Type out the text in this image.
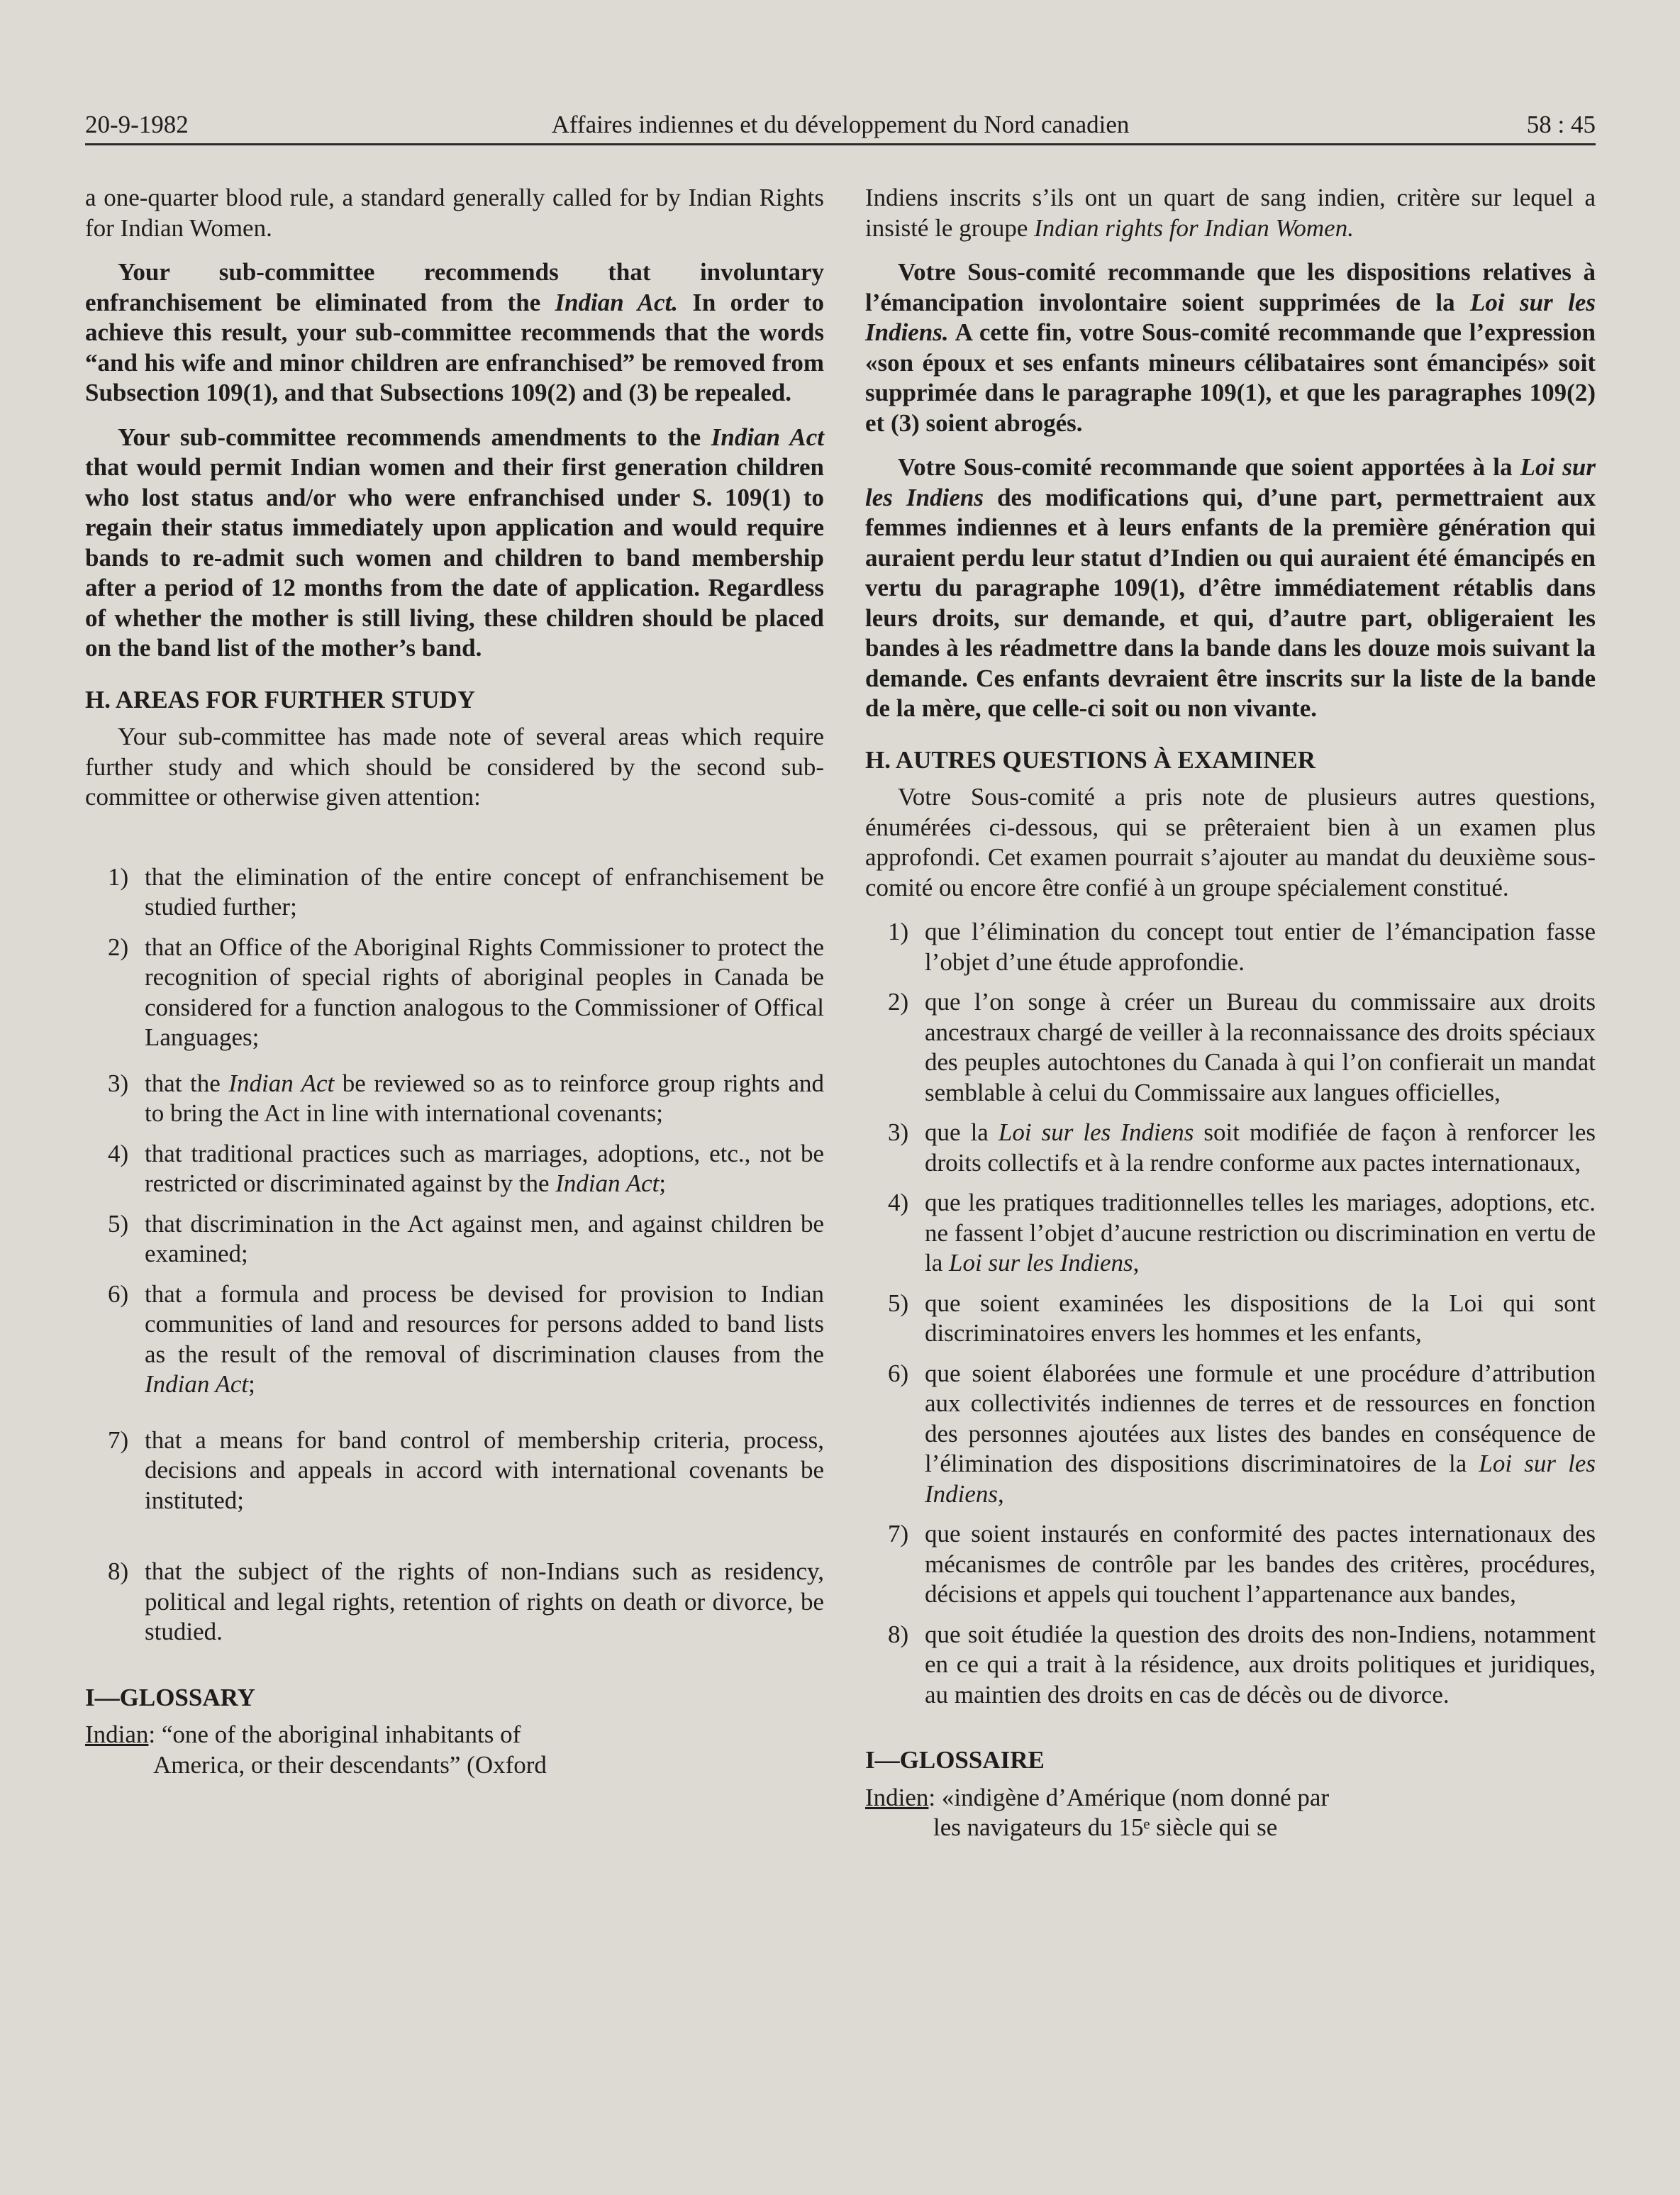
20-9-1982	Affaires indiennes et du développement du Nord canadien	58 : 45

a one-quarter blood rule, a standard generally called for by Indian Rights for Indian Women.

Your sub-committee recommends that involuntary enfranchisement be eliminated from the Indian Act. In order to achieve this result, your sub-committee recommends that the words “and his wife and minor children are enfranchised” be removed from Subsection 109(1), and that Subsections 109(2) and (3) be repealed.

Your sub-committee recommends amendments to the Indian Act that would permit Indian women and their first generation children who lost status and/or who were enfranchised under S. 109(1) to regain their status immediately upon application and would require bands to re-admit such women and children to band membership after a period of 12 months from the date of application. Regardless of whether the mother is still living, these children should be placed on the band list of the mother’s band.

H. AREAS FOR FURTHER STUDY

Your sub-committee has made note of several areas which require further study and which should be considered by the second sub-committee or otherwise given attention:

1) that the elimination of the entire concept of enfranchisement be studied further;
2) that an Office of the Aboriginal Rights Commissioner to protect the recognition of special rights of aboriginal peoples in Canada be considered for a function analogous to the Commissioner of Offical Languages;
3) that the Indian Act be reviewed so as to reinforce group rights and to bring the Act in line with international covenants;
4) that traditional practices such as marriages, adoptions, etc., not be restricted or discriminated against by the Indian Act;
5) that discrimination in the Act against men, and against children be examined;
6) that a formula and process be devised for provision to Indian communities of land and resources for persons added to band lists as the result of the removal of discrimination clauses from the Indian Act;
7) that a means for band control of membership criteria, process, decisions and appeals in accord with international covenants be instituted;
8) that the subject of the rights of non-Indians such as residency, political and legal rights, retention of rights on death or divorce, be studied.
I—GLOSSARY

Indian: “one of the aboriginal inhabitants of
America, or their descendants” (Oxford

Indiens inscrits s’ils ont un quart de sang indien, critère sur lequel a insisté le groupe Indian rights for Indian Women.

Votre Sous-comité recommande que les dispositions relatives à l’émancipation involontaire soient supprimées de la Loi sur les Indiens. A cette fin, votre Sous-comité recommande que l’expression «son époux et ses enfants mineurs célibataires sont émancipés» soit supprimée dans le paragraphe 109(1), et que les paragraphes 109(2) et (3) soient abrogés.

Votre Sous-comité recommande que soient apportées à la Loi sur les Indiens des modifications qui, d’une part, permettraient aux femmes indiennes et à leurs enfants de la première génération qui auraient perdu leur statut d’Indien ou qui auraient été émancipés en vertu du paragraphe 109(1), d’être immédiatement rétablis dans leurs droits, sur demande, et qui, d’autre part, obligeraient les bandes à les réadmettre dans la bande dans les douze mois suivant la demande. Ces enfants devraient être inscrits sur la liste de la bande de la mère, que celle-ci soit ou non vivante.

H. AUTRES QUESTIONS À EXAMINER

Votre Sous-comité a pris note de plusieurs autres questions, énumérées ci-dessous, qui se prêteraient bien à un examen plus approfondi. Cet examen pourrait s’ajouter au mandat du deuxième sous-comité ou encore être confié à un groupe spécialement constitué.

1) que l’élimination du concept tout entier de l’émancipation fasse l’objet d’une étude approfondie.
2) que l’on songe à créer un Bureau du commissaire aux droits ancestraux chargé de veiller à la reconnaissance des droits spéciaux des peuples autochtones du Canada à qui l’on confierait un mandat semblable à celui du Commissaire aux langues officielles,
3) que la Loi sur les Indiens soit modifiée de façon à renforcer les droits collectifs et à la rendre conforme aux pactes internationaux,
4) que les pratiques traditionnelles telles les mariages, adoptions, etc. ne fassent l’objet d’aucune restriction ou discrimination en vertu de la Loi sur les Indiens,
5) que soient examinées les dispositions de la Loi qui sont discriminatoires envers les hommes et les enfants,
6) que soient élaborées une formule et une procédure d’attribution aux collectivités indiennes de terres et de ressources en fonction des personnes ajoutées aux listes des bandes en conséquence de l’élimination des dispositions discriminatoires de la Loi sur les Indiens,
7) que soient instaurés en conformité des pactes internationaux des mécanismes de contrôle par les bandes des critères, procédures, décisions et appels qui touchent l’appartenance aux bandes,
8) que soit étudiée la question des droits des non-Indiens, notamment en ce qui a trait à la résidence, aux droits politiques et juridiques, au maintien des droits en cas de décès ou de divorce.
I—GLOSSAIRE

Indien: «indigène d’Amérique (nom donné par
les navigateurs du 15ᵉ siècle qui se
